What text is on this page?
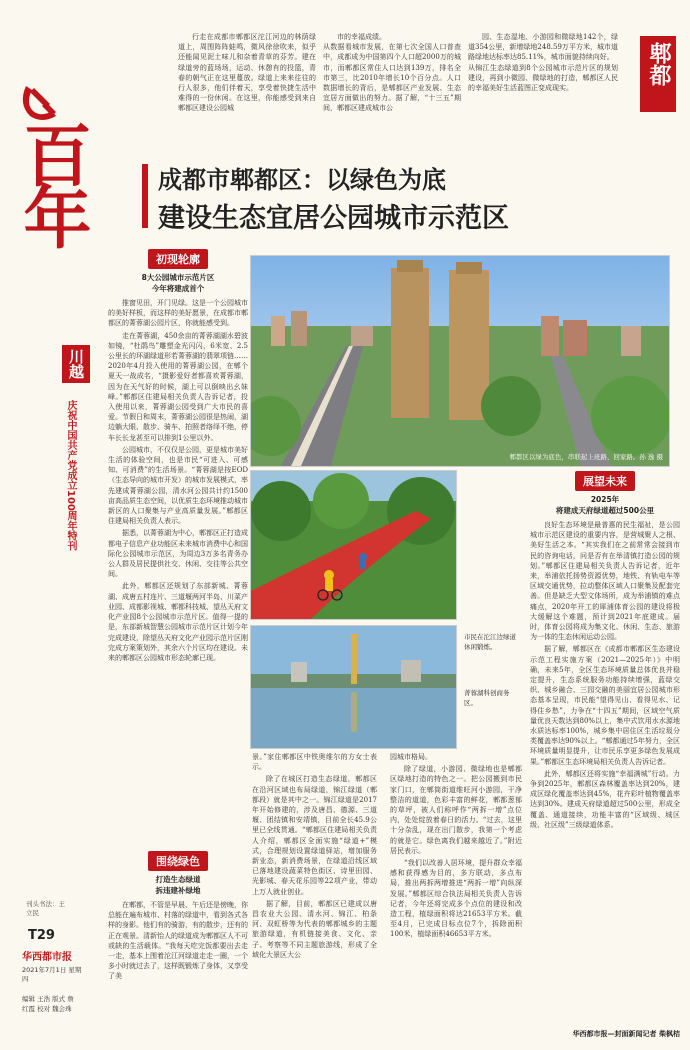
百年
川越
庆祝中国共产党成立100周年特刊
刊头书法：王立民
T29
华西都市报
2021年7月1日 星期四
编辑 王浩 版式 詹红霞 校对 魏会珠
郫都

行走在成都市郫都区沱江河边的林荫绿道上，周围阵阵蛙鸣，微风徐徐吹来，似乎还能闻见泥土味儿和杂着青草的芬芳。建在绿道旁的蓝场场，运动、休憩有的投篮，青春的朝气正在这里蔓放。绿道上来来往往的行人很多，他们伴着天，享受着快捷生活中难得的一份休闲。在这里，你能感受到来自郫都区建设公园城

市的幸福成绩。
从数据看城市发展，在第七次全国人口普查中，成都成为中国第四个人口超2000万的城市，而郫都区常住人口达到139万，排名全市第三，比2010年增长10个百分点。人口数据增长的背后，是郫都区产业发展、生态宜居方面做出的努力。据了解，“十三五”期间，郫都区建成城市公

园、生态湿地、小游园和微绿地142个，绿道354公里，新增绿地248.59万平方米，城市道路绿地达标率达85.11%，城市面貌持续向好。
从锦江生态绿道到8个公园城市示范片区的规划建设，再到小微园、微绿地的打造，郫都区人民的幸福美好生活蓝图正变成现实。

成都市郫都区：以绿色为底
建设生态宜居公园城市示范区
初现轮廓
8大公园城市示范片区
今年将建成首个

推窗见田，开门见绿。这是一个公园城市的美好样板，而这样的美好愿景，在成都市郫都区的菁蓉湖公园片区，你就能感受到。

走在菁蓉湖，450余亩的菁蓉湖湖水碧波如镜，“杜鹃鸟”雕塑金光闪闪，6米宽、2.5公里长的环湖绿道形若菁蓉湖的翡翠项链……2020年4月投入使用的菁蓉湖公园，在郫个夏天一战成名，“摄影爱好者都喜欢菁蓉湖，因为在天气好的时候，湖上可以倒映出幺妹峰。”郫都区住建局相关负责人告诉记者，投入使用以来，菁蓉湖公园受到广大市民的喜爱。节假日和周末，菁蓉湖公园很是热闹，湖边躺大眼、散步、骑车、拍照者络绎不绝，停车长长龙甚至可以排到1公里以外。

公园城市，不仅仅是公园，更是城市美好生活的体验空间，也是市民“可进入、可感知、可消费”的生活场景。“菁蓉湖是按EOD（生态导向的城市开发）的城市发展模式，率先建成菁蓉湖公园，清水河公园共计约1500亩高品质生态空间，以优质生态环境推动城市新区的人口聚集与产业高质量发展。”郫都区住建局相关负责人表示。

据悉，以菁蓉湖为中心，郫都区正打造成都电子信息产业功能区未来城市消费中心和国际化公园城市示范区，为周边3万多名青务办公人群及居民提供社交、休闲、交往等公共空间。

此外，郫都区还规划了东部新城、菁蓉湖、成唐五村连片、三道堰两河半岛、川菜产业园、成都影视城、郫都科技城、望丛天府文化产业园8个公园城市示范片区。值得一提的是，东部新城智慧公园城市示范片区计划今年完成建设，除望丛天府文化产业园示范片区刚完成方案策划外，其余六个片区均在建设。未来的郫都区公园城市形态轮廓已现。

围绕绿色
打造生态绿道
拆违建补绿地

在郫都，不管是早晨、午后还是傍晚，你总能在遍布城市、村落的绿道中，看到各式各样的身影。他们有的骑游，有的散步，还有的正在观景。清新怡人的绿道成为郫都区人不可或缺的生活载体。“我每天吃完饭都要出去走一走，基本上围着沱江河绿道走走一圈，一个多小时就过去了，这样既锻炼了身体，又享受了美

郫都区以绿为底色，串联起上班路、回家路。孙 逸 摄
市民在沱江边绿道休闲锻炼。
菁蓉湖科创商务区。

景。”家住郫都区中铁奥维尔的方女士表示。

除了在城区打造生态绿道，郫都区在沿河区域也布局绿道，锦江绿道（郫都段）就是其中之一。锦江绿道是2017年开始修建的，涉及唐昌、德源、三道堰、团结镇和安靖镇，目前全长45.9公里已全线贯通。“郫都区住建局相关负责人介绍，郫都区全面实施“绿道+”模式，合理规划设置绿道驿站，增加服务新业态，新消费场景，在绿道沿线区域已落地建设蔬菜特色街区、诗里田园、光影城、春天花乐园等22项产业，带动上万人就业创业。

据了解，目前，郫都区已建成以唐昌农业大公园、清水河、锦江、柏条河、双虹桥等为代表的郫都城乡的主题旅游绿道，有机链接美食、文化、亲子、考察等不同主题旅游线，形成了全域化大景区大公

园城市格局。

除了绿道，小游园、微绿地也是郫都区绿地打造的特色之一。把公园搬到市民家门口，在郫筒街道维旺河小游园，干净整洁的道道，色彩丰富的鲜花，郫都葱郁的草坪，被人们称呼作“两拆一增”点位内，处处绽放着春日的活力。“过去，这里十分杂乱，现在出门散步，我第一个考虑的就是它。绿色离我们越来越近了。”附近居民表示。

“我们以改善人居环境，提升群众幸福感和获得感为目的，多方联动，多点布局，推出两拆两增推进“两拆一增”向纵深发展。”郫都区综合执法局相关负责人告诉记者，今年还将完成多个点位的建设和改造工程，植绿面积将达21653平方米。截至4月，已完成目标点位7个，拆除面积100米，植绿面积46653平方米。

展望未来
2025年
将建成天府绿道超过500公里

良好生态环境是最普惠的民生福祉，是公园城市示范区建设的重要内容，是营城聚人之根、美好生活之本。“其实我们在之前常常会接到市民的咨询电话，问是否有在举清镇打造公园的规划。”郫都区住建局相关负责人告诉记者，近年来，举浦依托扬势资源优势，地铁、有轨电车等区域交通优势，拉动整体区域人口聚集及配套完善。但是缺乏大型文体场所，成为举浦镇的难点痛点，2020年开工的犀浦体育公园的建设将极大缓解这个难题，预计到2021年底建成。届时，体育公园将成为集文化、休闲、生态、旅游为一体的生态休闲运动公园。

据了解，郫都区在《成都市郫都区生态建设示范工程实施方案（2021—2025年）》中明确，未来5年，全区生态环境质量总体优良并稳定提升，生态系统服务功能持续增强，蓝绿交织、城乡融合、三园交融的美丽宜居公园城市形态基本呈现，市民能“望得见山、看得见水、记得住乡愁”，力争在“十四五”期间，区域空气质量优良天数达到80%以上，集中式饮用水水源地水质达标率100%，城乡集中居住区生活垃圾分类覆盖率达90%以上。“郫都通过5年努力，全区环境质量明显提升，让市民乐享更多绿色发展成果。”郫都区生态环境局相关负责人告诉记者。

此外，郫都区还将实施“幸福满城”行动。力争到2025年，郫都区森林覆盖率达到20%，建成区绿化覆盖率达到45%，花卉彩叶植物覆盖率达到30%。建成天府绿道超过500公里，形成全覆盖、通道接续，功能丰富的“区域级、城区级、社区级”三级绿道体系。

华西都市报—封面新闻记者 柴枫桔
